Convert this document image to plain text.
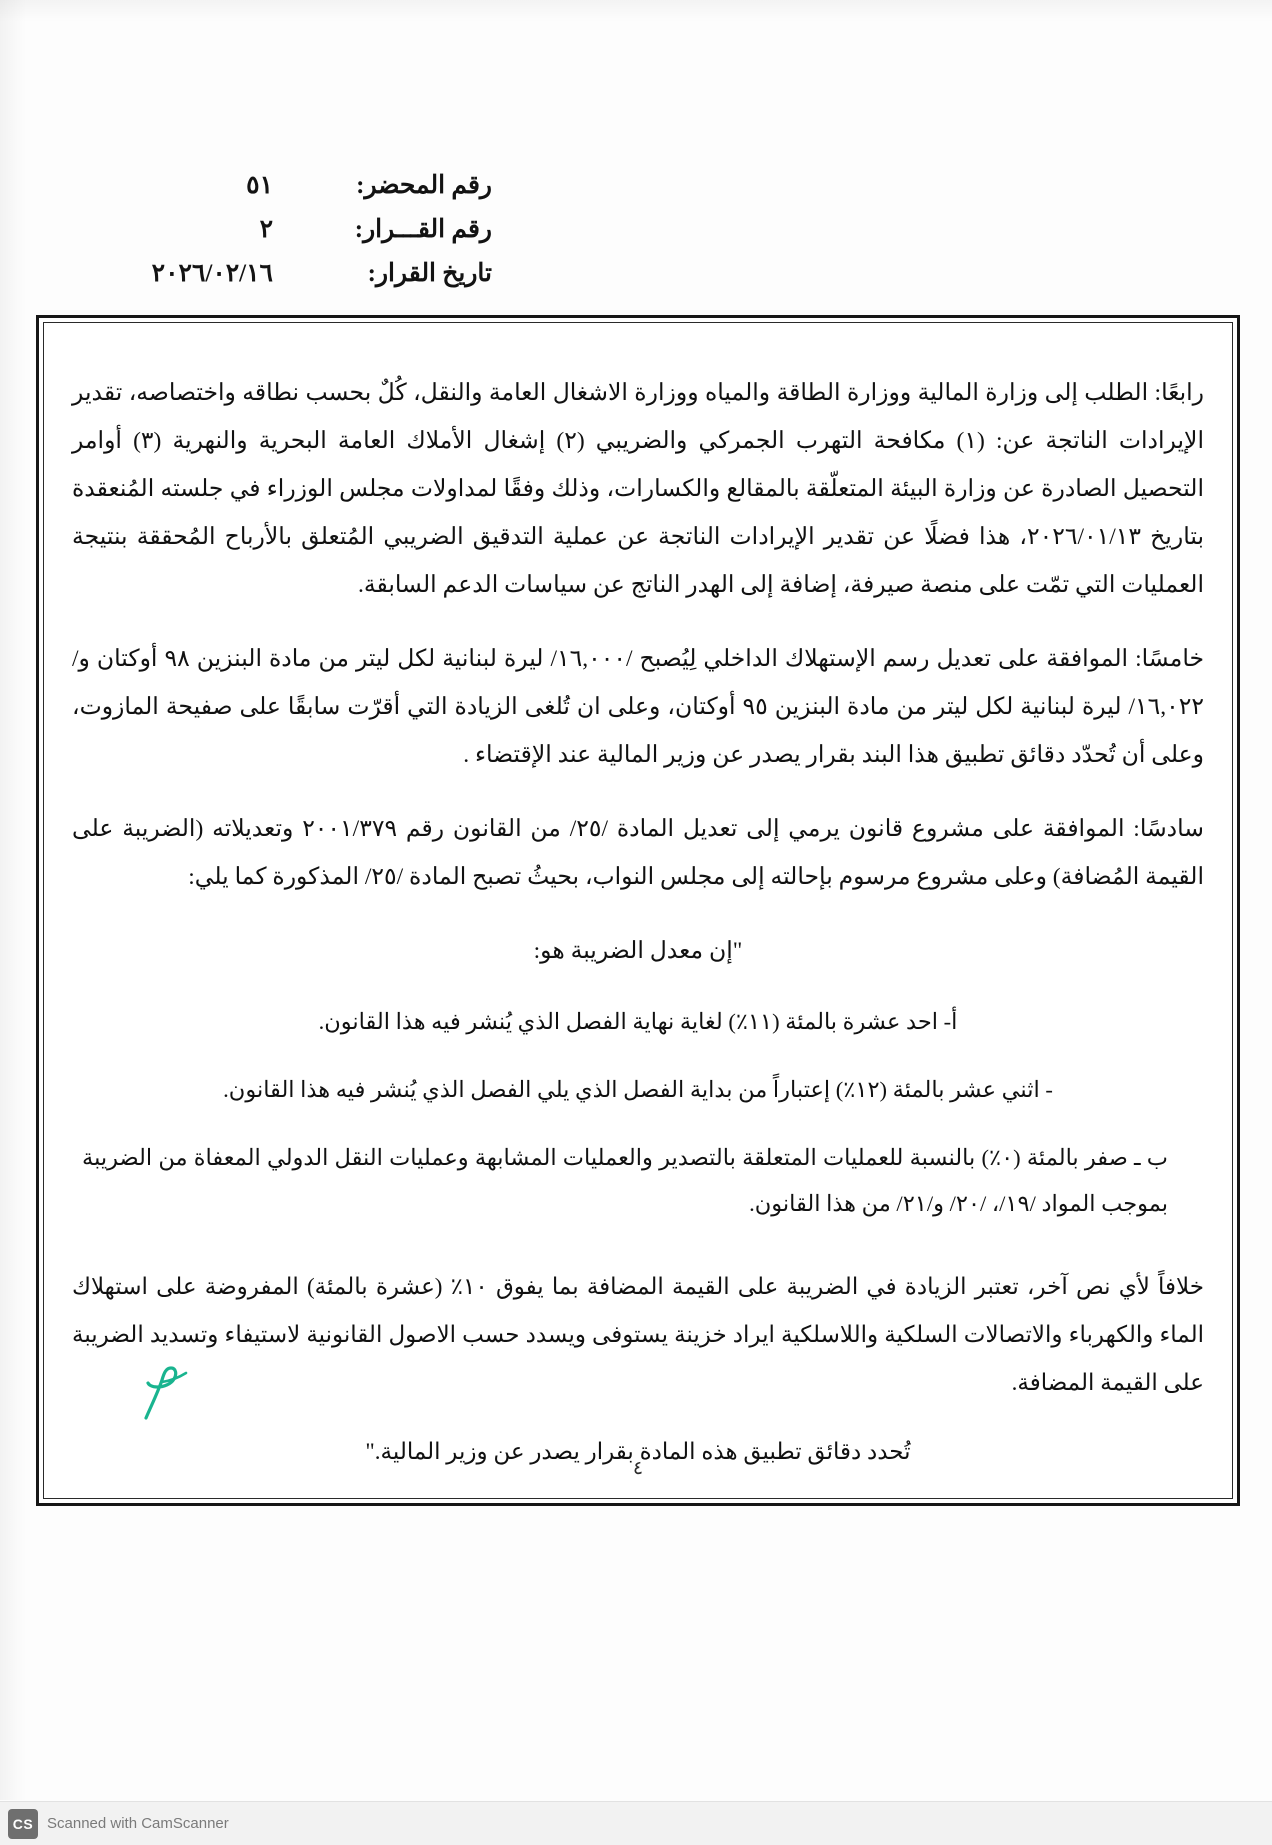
رقم المحضر:
٥١
رقم القـــرار:
٢
تاريخ القرار:
٢٠٢٦/٠٢/١٦

رابعًا: الطلب إلى وزارة المالية ووزارة الطاقة والمياه ووزارة الاشغال العامة والنقل، كُلٌ بحسب نطاقه واختصاصه، تقدير الإيرادات الناتجة عن: (١) مكافحة التهرب الجمركي والضريبي (٢) إشغال الأملاك العامة البحرية والنهرية (٣) أوامر التحصيل الصادرة عن وزارة البيئة المتعلّقة بالمقالع والكسارات، وذلك وفقًا لمداولات مجلس الوزراء في جلسته المُنعقدة بتاريخ ٢٠٢٦/٠١/١٣، هذا فضلًا عن تقدير الإيرادات الناتجة عن عملية التدقيق الضريبي المُتعلق بالأرباح المُحققة بنتيجة العمليات التي تمّت على منصة صيرفة، إضافة إلى الهدر الناتج عن سياسات الدعم السابقة.

خامسًا: الموافقة على تعديل رسم الإستهلاك الداخلي لِيُصبح /١٦,٠٠٠/ ليرة لبنانية لكل ليتر من مادة البنزين ٩٨ أوكتان و/١٦,٠٢٢/ ليرة لبنانية لكل ليتر من مادة البنزين ٩٥ أوكتان، وعلى ان تُلغى الزيادة التي أقرّت سابقًا على صفيحة المازوت، وعلى أن تُحدّد دقائق تطبيق هذا البند بقرار يصدر عن وزير المالية عند الإقتضاء .

سادسًا: الموافقة على مشروع قانون يرمي إلى تعديل المادة /٢٥/ من القانون رقم ٢٠٠١/٣٧٩ وتعديلاته (الضريبة على القيمة المُضافة) وعلى مشروع مرسوم بإحالته إلى مجلس النواب، بحيثُ تصبح المادة /٢٥/ المذكورة كما يلي:

"إن معدل الضريبة هو:

أ‌- احد عشرة بالمئة (١١٪) لغاية نهاية الفصل الذي يُنشر فيه هذا القانون.

- اثني عشر بالمئة (١٢٪) إعتباراً من بداية الفصل الذي يلي الفصل الذي يُنشر فيه هذا القانون.

ب ـ صفر بالمئة (٠٪) بالنسبة للعمليات المتعلقة بالتصدير والعمليات المشابهة وعمليات النقل الدولي المعفاة من الضريبة بموجب المواد /١٩/، /٢٠/ و/٢١/ من هذا القانون.

خلافاً لأي نص آخر، تعتبر الزيادة في الضريبة على القيمة المضافة بما يفوق ١٠٪ (عشرة بالمئة) المفروضة على استهلاك الماء والكهرباء والاتصالات السلكية واللاسلكية ايراد خزينة يستوفى ويسدد حسب الاصول القانونية لاستيفاء وتسديد الضريبة على القيمة المضافة.

تُحدد دقائق تطبيق هذه المادة بقرار يصدر عن وزير المالية."

٤
CS Scanned with CamScanner
